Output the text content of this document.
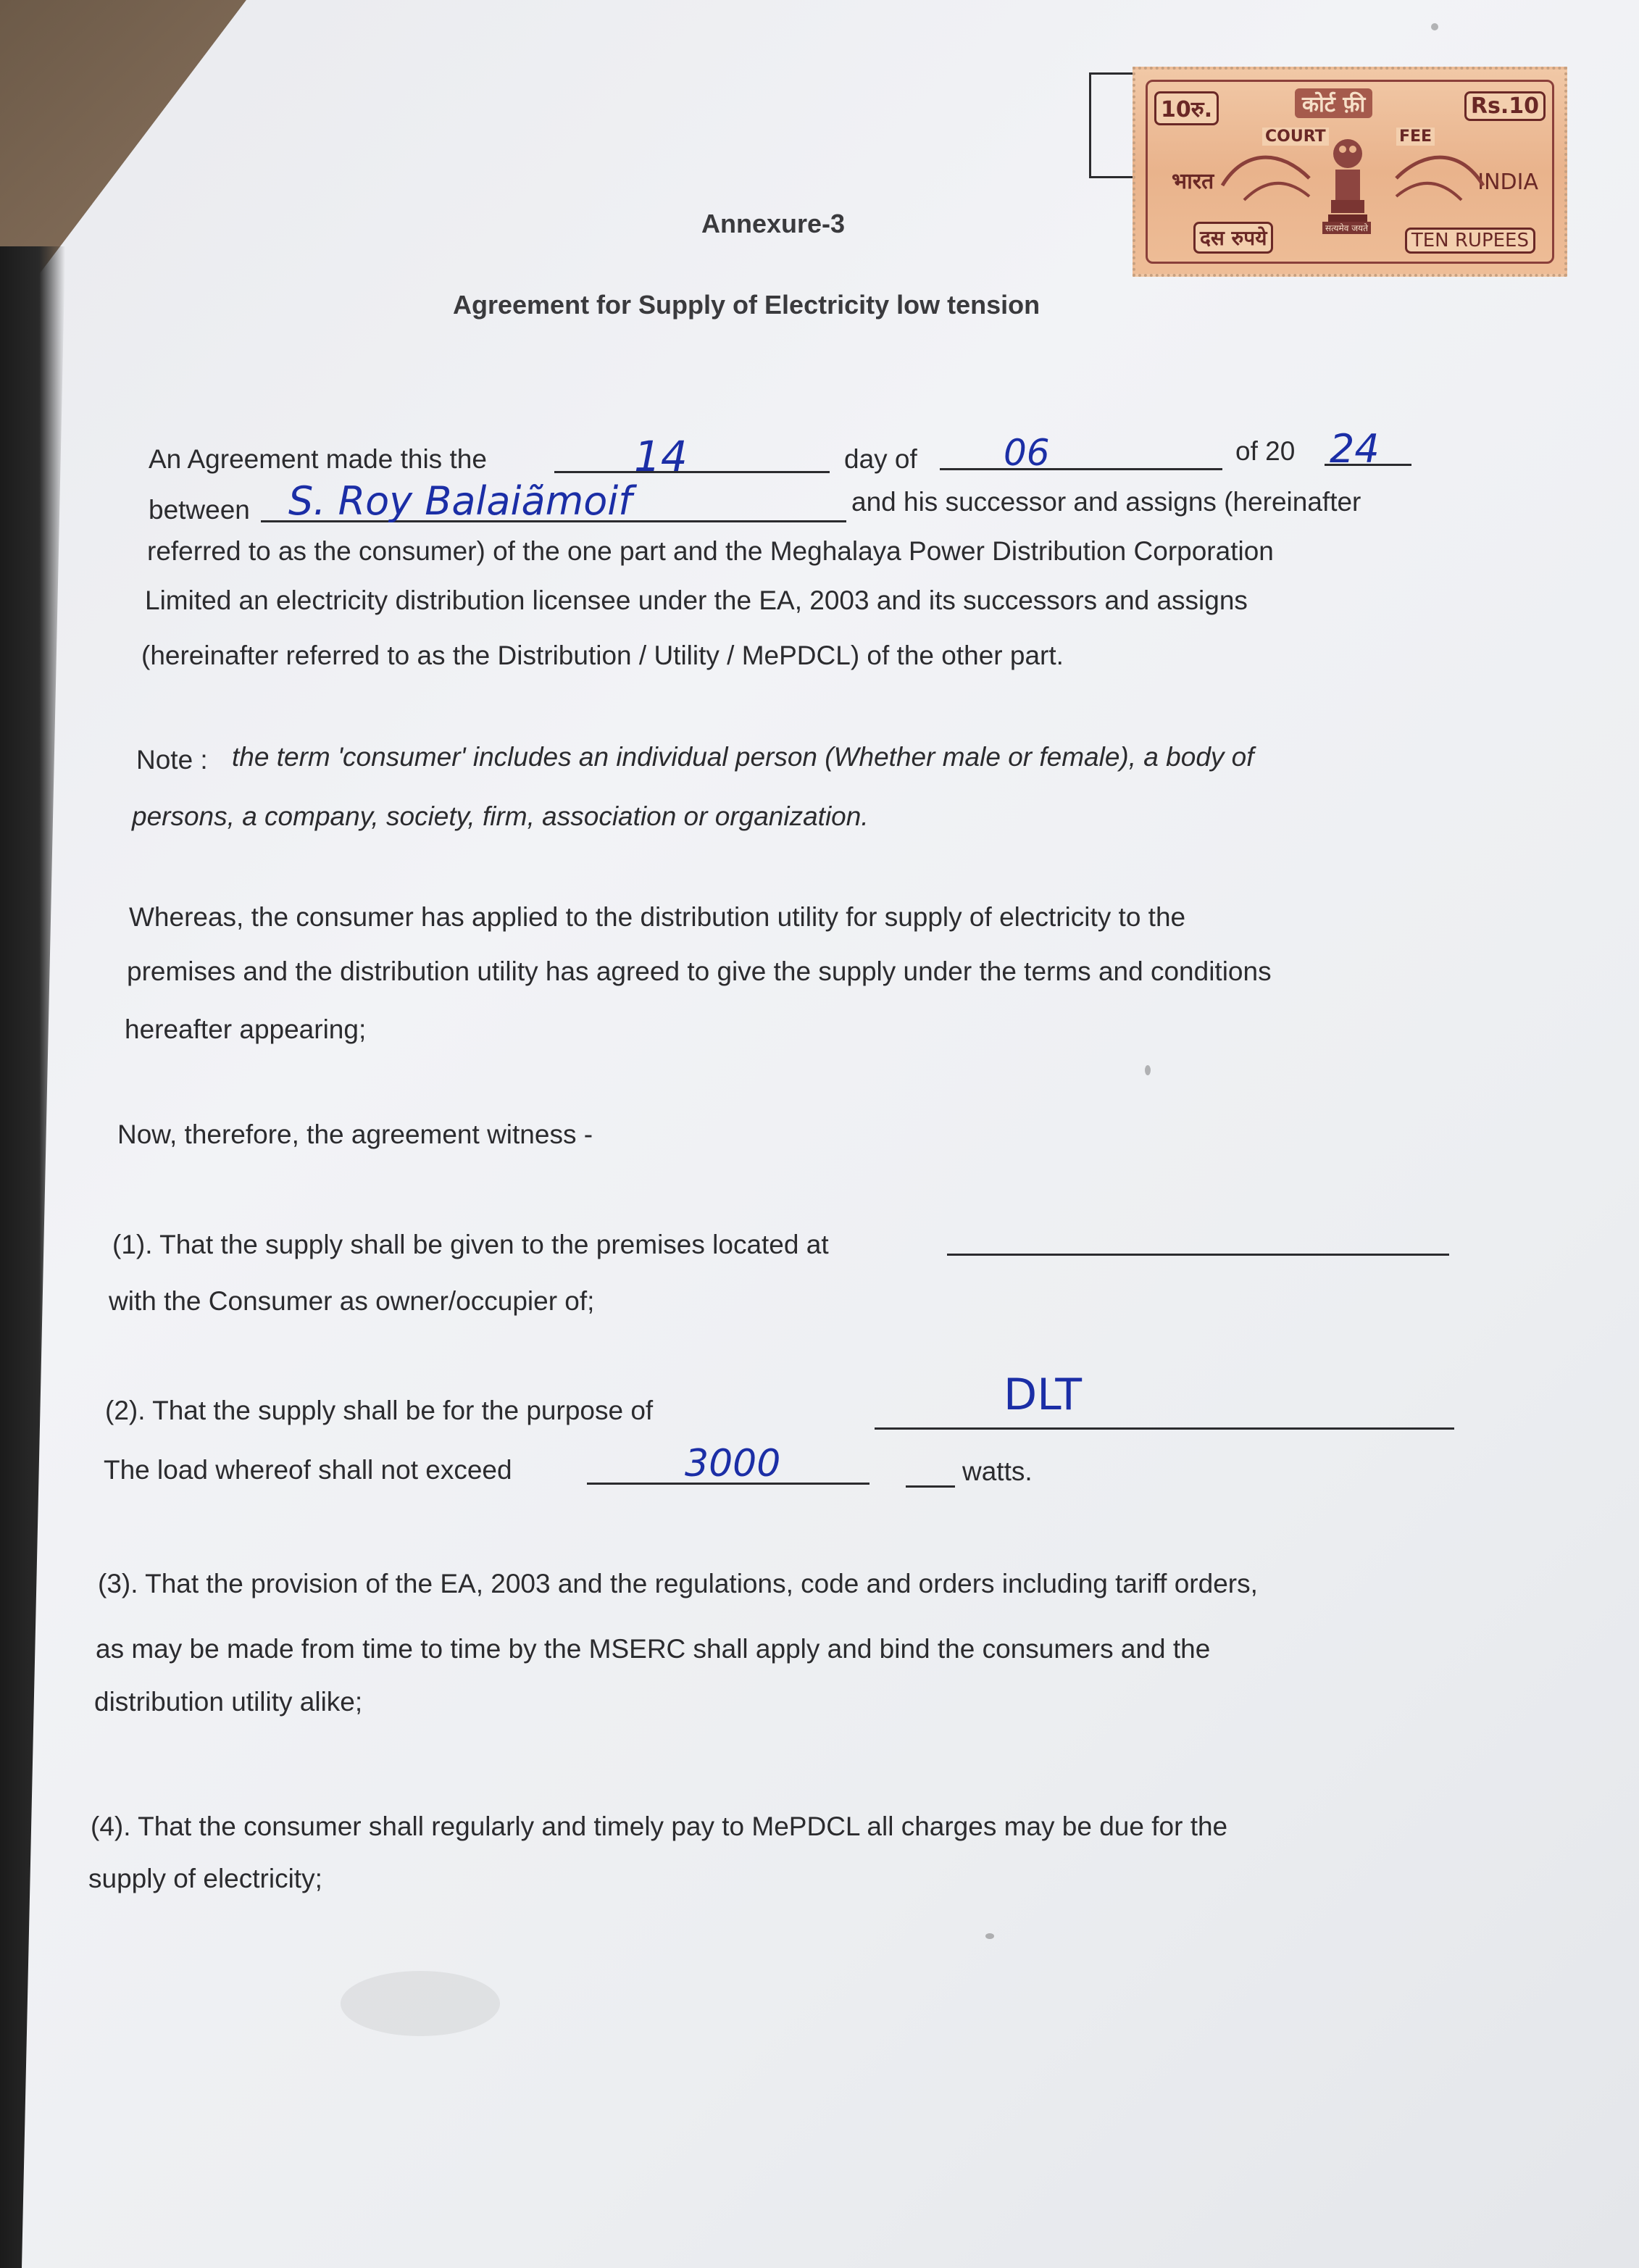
10रु.	Rs.10
कोर्ट फ़ी
COURT	FEE
भारत	INDIA
सत्यमेव जयते
दस रुपये	TEN RUPEES
Annexure-3
Agreement for Supply of Electricity low tension
An Agreement made this the	14	day of 06	of 20 24
between S. Roy Balaiãmoif	and his successor and assigns (hereinafter
referred to as the consumer) of the one part and the Meghalaya Power Distribution Corporation
Limited an electricity distribution licensee under the EA, 2003 and its successors and assigns
(hereinafter referred to as the Distribution / Utility / MePDCL) of the other part.
Note : the term 'consumer' includes an individual person (Whether male or female), a body of
persons, a company, society, firm, association or organization.
Whereas, the consumer has applied to the distribution utility for supply of electricity to the
premises and the distribution utility has agreed to give the supply under the terms and conditions
hereafter appearing;
Now, therefore, the agreement witness -
(1). That the supply shall be given to the premises located at
with the Consumer as owner/occupier of;
(2). That the supply shall be for the purpose of	DLT
The load whereof shall not exceed	3000	watts.
(3). That the provision of the EA, 2003 and the regulations, code and orders including tariff orders,
as may be made from time to time by the MSERC shall apply and bind the consumers and the
distribution utility alike;
(4). That the consumer shall regularly and timely pay to MePDCL all charges may be due for the
supply of electricity;
